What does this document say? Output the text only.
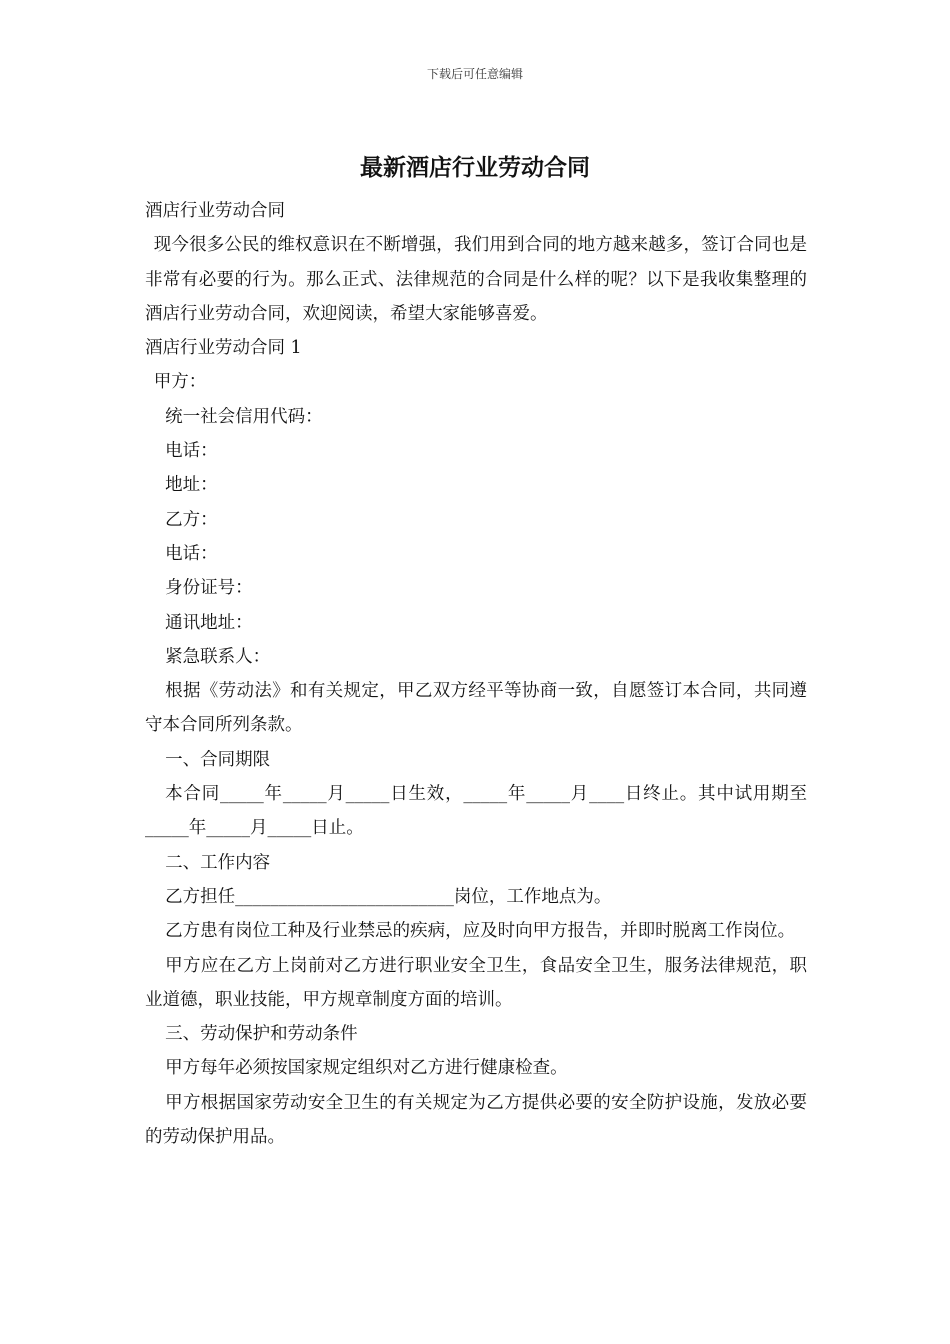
下载后可任意编辑
最新酒店行业劳动合同

酒店行业劳动合同

现今很多公民的维权意识在不断增强，我们用到合同的地方越来越多，签订合同也是非常有必要的行为。那么正式、法律规范的合同是什么样的呢？以下是我收集整理的酒店行业劳动合同，欢迎阅读，希望大家能够喜爱。

酒店行业劳动合同 1

甲方：

统一社会信用代码：

电话：

地址：

乙方：

电话：

身份证号：

通讯地址：

紧急联系人：

根据《劳动法》和有关规定，甲乙双方经平等协商一致，自愿签订本合同，共同遵守本合同所列条款。

一、合同期限

本合同_____年_____月_____日生效，_____年_____月____日终止。其中试用期至_____年_____月_____日止。

二、工作内容

乙方担任_________________________岗位，工作地点为。

乙方患有岗位工种及行业禁忌的疾病，应及时向甲方报告，并即时脱离工作岗位。

甲方应在乙方上岗前对乙方进行职业安全卫生，食品安全卫生，服务法律规范，职业道德，职业技能，甲方规章制度方面的培训。

三、劳动保护和劳动条件

甲方每年必须按国家规定组织对乙方进行健康检查。

甲方根据国家劳动安全卫生的有关规定为乙方提供必要的安全防护设施，发放必要的劳动保护用品。
